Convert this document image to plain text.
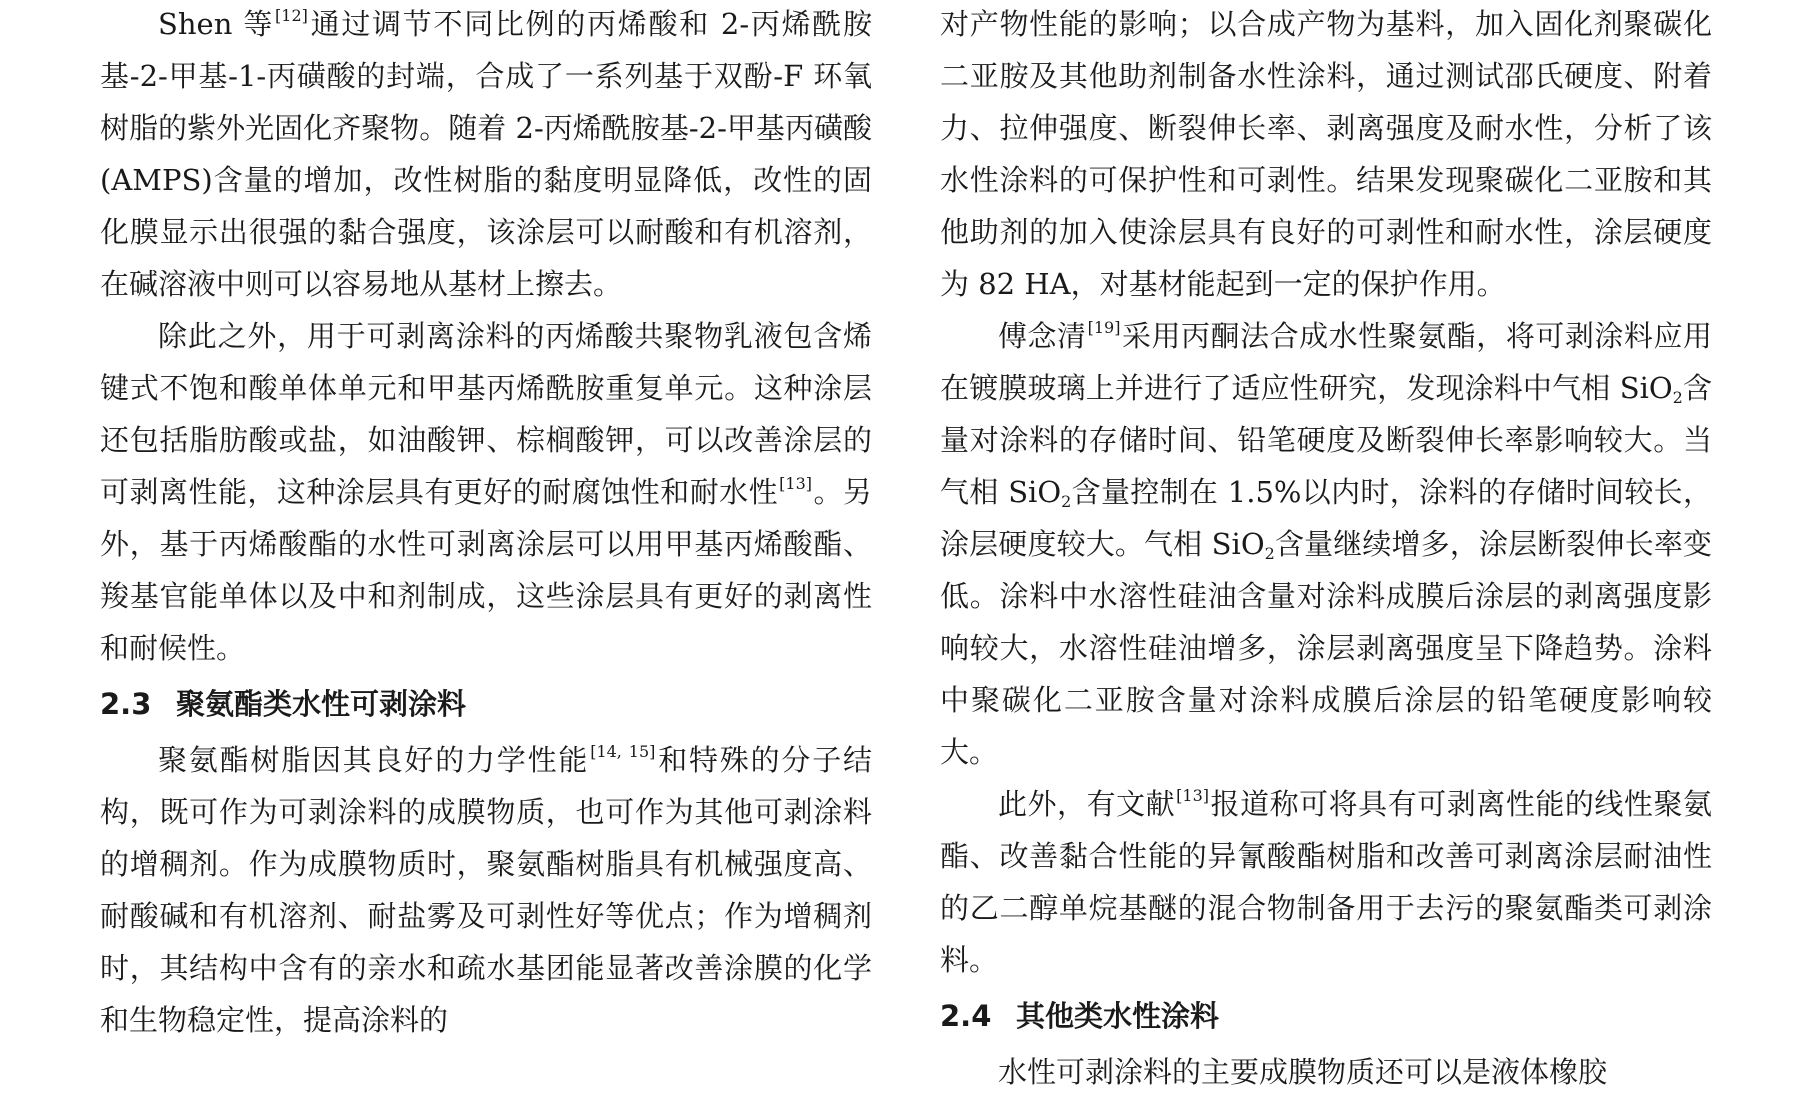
Shen 等[12]通过调节不同比例的丙烯酸和 2-丙烯酰胺基-2-甲基-1-丙磺酸的封端，合成了一系列基于双酚-F 环氧树脂的紫外光固化齐聚物。随着 2-丙烯酰胺基-2-甲基丙磺酸(AMPS)含量的增加，改性树脂的黏度明显降低，改性的固化膜显示出很强的黏合强度，该涂层可以耐酸和有机溶剂，在碱溶液中则可以容易地从基材上擦去。

除此之外，用于可剥离涂料的丙烯酸共聚物乳液包含烯键式不饱和酸单体单元和甲基丙烯酰胺重复单元。这种涂层还包括脂肪酸或盐，如油酸钾、棕榈酸钾，可以改善涂层的可剥离性能，这种涂层具有更好的耐腐蚀性和耐水性[13]。另外，基于丙烯酸酯的水性可剥离涂层可以用甲基丙烯酸酯、羧基官能单体以及中和剂制成，这些涂层具有更好的剥离性和耐候性。

2.3 聚氨酯类水性可剥涂料

聚氨酯树脂因其良好的力学性能[14, 15]和特殊的分子结构，既可作为可剥涂料的成膜物质，也可作为其他可剥涂料的增稠剂。作为成膜物质时，聚氨酯树脂具有机械强度高、耐酸碱和有机溶剂、耐盐雾及可剥性好等优点；作为增稠剂时，其结构中含有的亲水和疏水基团能显著改善涂膜的化学和生物稳定性，提高涂料的

对产物性能的影响；以合成产物为基料，加入固化剂聚碳化二亚胺及其他助剂制备水性涂料，通过测试邵氏硬度、附着力、拉伸强度、断裂伸长率、剥离强度及耐水性，分析了该水性涂料的可保护性和可剥性。结果发现聚碳化二亚胺和其他助剂的加入使涂层具有良好的可剥性和耐水性，涂层硬度为 82 HA，对基材能起到一定的保护作用。

傅念清[19]采用丙酮法合成水性聚氨酯，将可剥涂料应用在镀膜玻璃上并进行了适应性研究，发现涂料中气相 SiO$_2$含量对涂料的存储时间、铅笔硬度及断裂伸长率影响较大。当气相 SiO$_2$含量控制在 1.5%以内时，涂料的存储时间较长，涂层硬度较大。气相 SiO$_2$含量继续增多，涂层断裂伸长率变低。涂料中水溶性硅油含量对涂料成膜后涂层的剥离强度影响较大，水溶性硅油增多，涂层剥离强度呈下降趋势。涂料中聚碳化二亚胺含量对涂料成膜后涂层的铅笔硬度影响较大。

此外，有文献[13]报道称可将具有可剥离性能的线性聚氨酯、改善黏合性能的异氰酸酯树脂和改善可剥离涂层耐油性的乙二醇单烷基醚的混合物制备用于去污的聚氨酯类可剥涂料。

2.4 其他类水性涂料

水性可剥涂料的主要成膜物质还可以是液体橡胶
